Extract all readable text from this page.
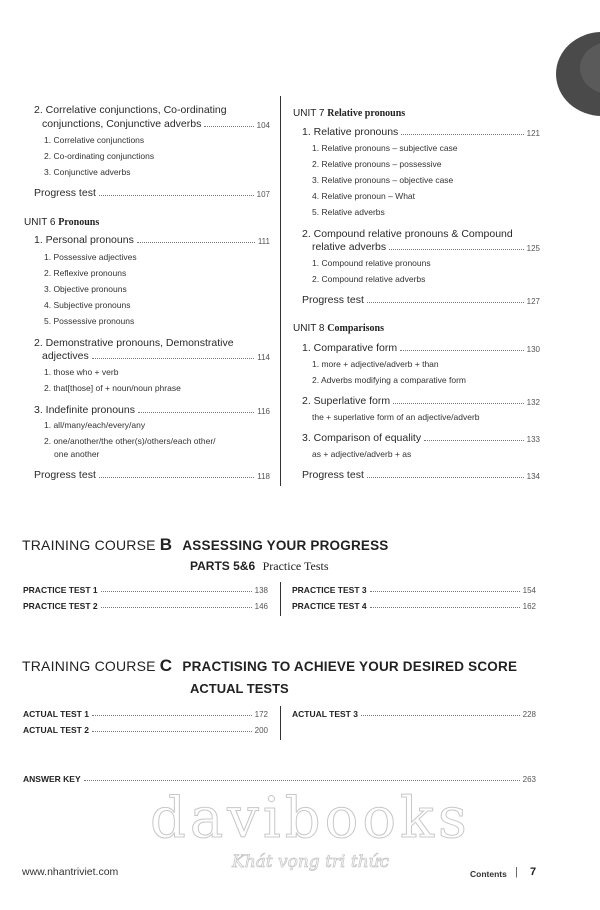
2. Correlative conjunctions, Co-ordinating
conjunctions, Conjunctive adverbs	104
1. Correlative conjunctions
2. Co-ordinating conjunctions
3. Conjunctive adverbs
Progress test	107
UNIT 6 Pronouns
1. Personal pronouns	111
1. Possessive adjectives
2. Reflexive pronouns
3. Objective pronouns
4. Subjective pronouns
5. Possessive pronouns
2. Demonstrative pronouns, Demonstrative
adjectives	114
1. those who + verb
2. that[those] of + noun/noun phrase
3. Indefinite pronouns	116
1. all/many/each/every/any
2. one/another/the other(s)/others/each other/
one another
Progress test	118
UNIT 7 Relative pronouns
1. Relative pronouns	121
1. Relative pronouns – subjective case
2. Relative pronouns – possessive
3. Relative pronouns – objective case
4. Relative pronoun – What
5. Relative adverbs
2. Compound relative pronouns & Compound
relative adverbs	125
1. Compound relative pronouns
2. Compound relative adverbs
Progress test	127
UNIT 8 Comparisons
1. Comparative form	130
1. more + adjective/adverb + than
2. Adverbs modifying a comparative form
2. Superlative form	132
the + superlative form of an adjective/adverb
3. Comparison of equality	133
as + adjective/adverb + as
Progress test	134
TRAINING COURSE B ASSESSING YOUR PROGRESS
PARTS 5&6 Practice Tests
PRACTICE TEST 1	138
PRACTICE TEST 2	146
PRACTICE TEST 3	154
PRACTICE TEST 4	162
TRAINING COURSE C PRACTISING TO ACHIEVE YOUR DESIRED SCORE
ACTUAL TESTS
ACTUAL TEST 1	172
ACTUAL TEST 2	200
ACTUAL TEST 3	228
ANSWER KEY	263
davibooks
Khát vọng tri thức
www.nhantriviet.com	Contents | 7
